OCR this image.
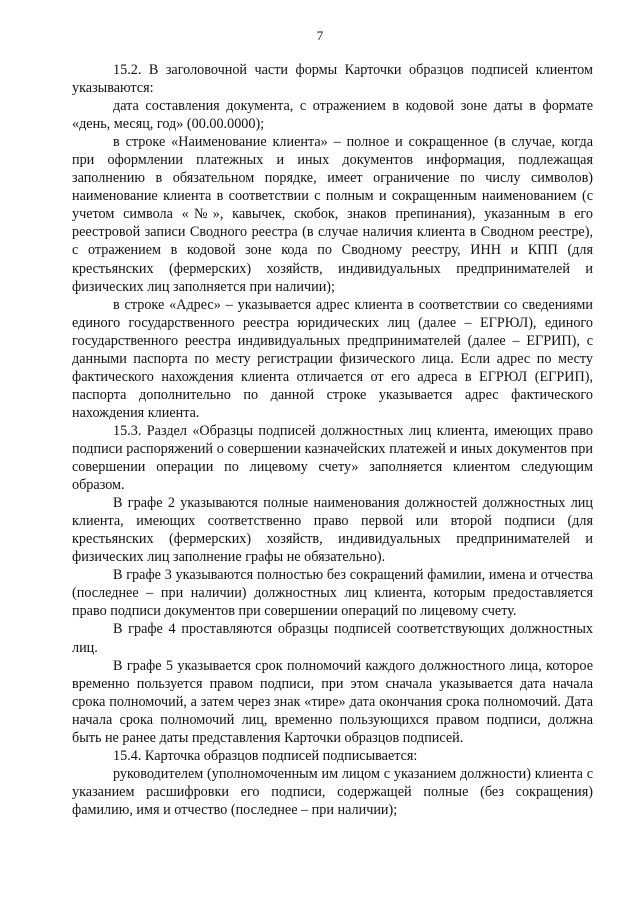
7

15.2. В заголовочной части формы Карточки образцов подписей клиентом указываются:

дата составления документа, с отражением в кодовой зоне даты в формате «день, месяц, год» (00.00.0000);

в строке «Наименование клиента» – полное и сокращенное (в случае, когда при оформлении платежных и иных документов информация, подлежащая заполнению в обязательном порядке, имеет ограничение по числу символов) наименование клиента в соответствии с полным и сокращенным наименованием (с учетом символа «№», кавычек, скобок, знаков препинания), указанным в его реестровой записи Сводного реестра (в случае наличия клиента в Сводном реестре), с отражением в кодовой зоне кода по Сводному реестру, ИНН и КПП (для крестьянских (фермерских) хозяйств, индивидуальных предпринимателей и физических лиц заполняется при наличии);

в строке «Адрес» – указывается адрес клиента в соответствии со сведениями единого государственного реестра юридических лиц (далее – ЕГРЮЛ), единого государственного реестра индивидуальных предпринимателей (далее – ЕГРИП), с данными паспорта по месту регистрации физического лица. Если адрес по месту фактического нахождения клиента отличается от его адреса в ЕГРЮЛ (ЕГРИП), паспорта дополнительно по данной строке указывается адрес фактического нахождения клиента.

15.3. Раздел «Образцы подписей должностных лиц клиента, имеющих право подписи распоряжений о совершении казначейских платежей и иных документов при совершении операции по лицевому счету» заполняется клиентом следующим образом.

В графе 2 указываются полные наименования должностей должностных лиц клиента, имеющих соответственно право первой или второй подписи (для крестьянских (фермерских) хозяйств, индивидуальных предпринимателей и физических лиц заполнение графы не обязательно).

В графе 3 указываются полностью без сокращений фамилии, имена и отчества (последнее – при наличии) должностных лиц клиента, которым предоставляется право подписи документов при совершении операций по лицевому счету.

В графе 4 проставляются образцы подписей соответствующих должностных лиц.

В графе 5 указывается срок полномочий каждого должностного лица, которое временно пользуется правом подписи, при этом сначала указывается дата начала срока полномочий, а затем через знак «тире» дата окончания срока полномочий. Дата начала срока полномочий лиц, временно пользующихся правом подписи, должна быть не ранее даты представления Карточки образцов подписей.

15.4. Карточка образцов подписей подписывается:

руководителем (уполномоченным им лицом с указанием должности) клиента с указанием расшифровки его подписи, содержащей полные (без сокращения) фамилию, имя и отчество (последнее – при наличии);
